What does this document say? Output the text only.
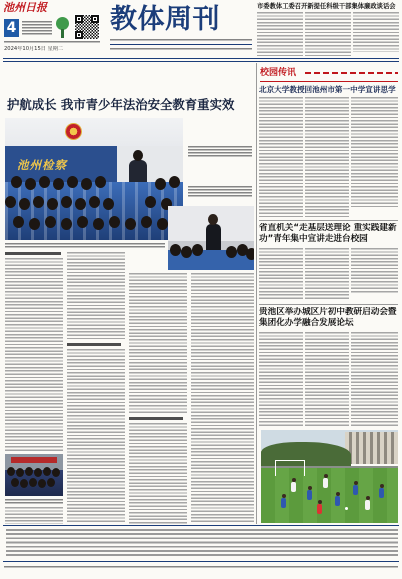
池州日报
4
2024年10月15日 星期二
教体周刊	市委教体工委召开新提任科级干部集体廉政谈话会
护航成长 我市青少年法治安全教育重实效
池州检察
校园传讯
北京大学教授回池州市第一中学宣讲思学
省直机关“走基层送理论 重实践建新功”青年集中宣讲走进台校园
贵池区举办城区片初中教研启动会暨集团化办学融合发展论坛
